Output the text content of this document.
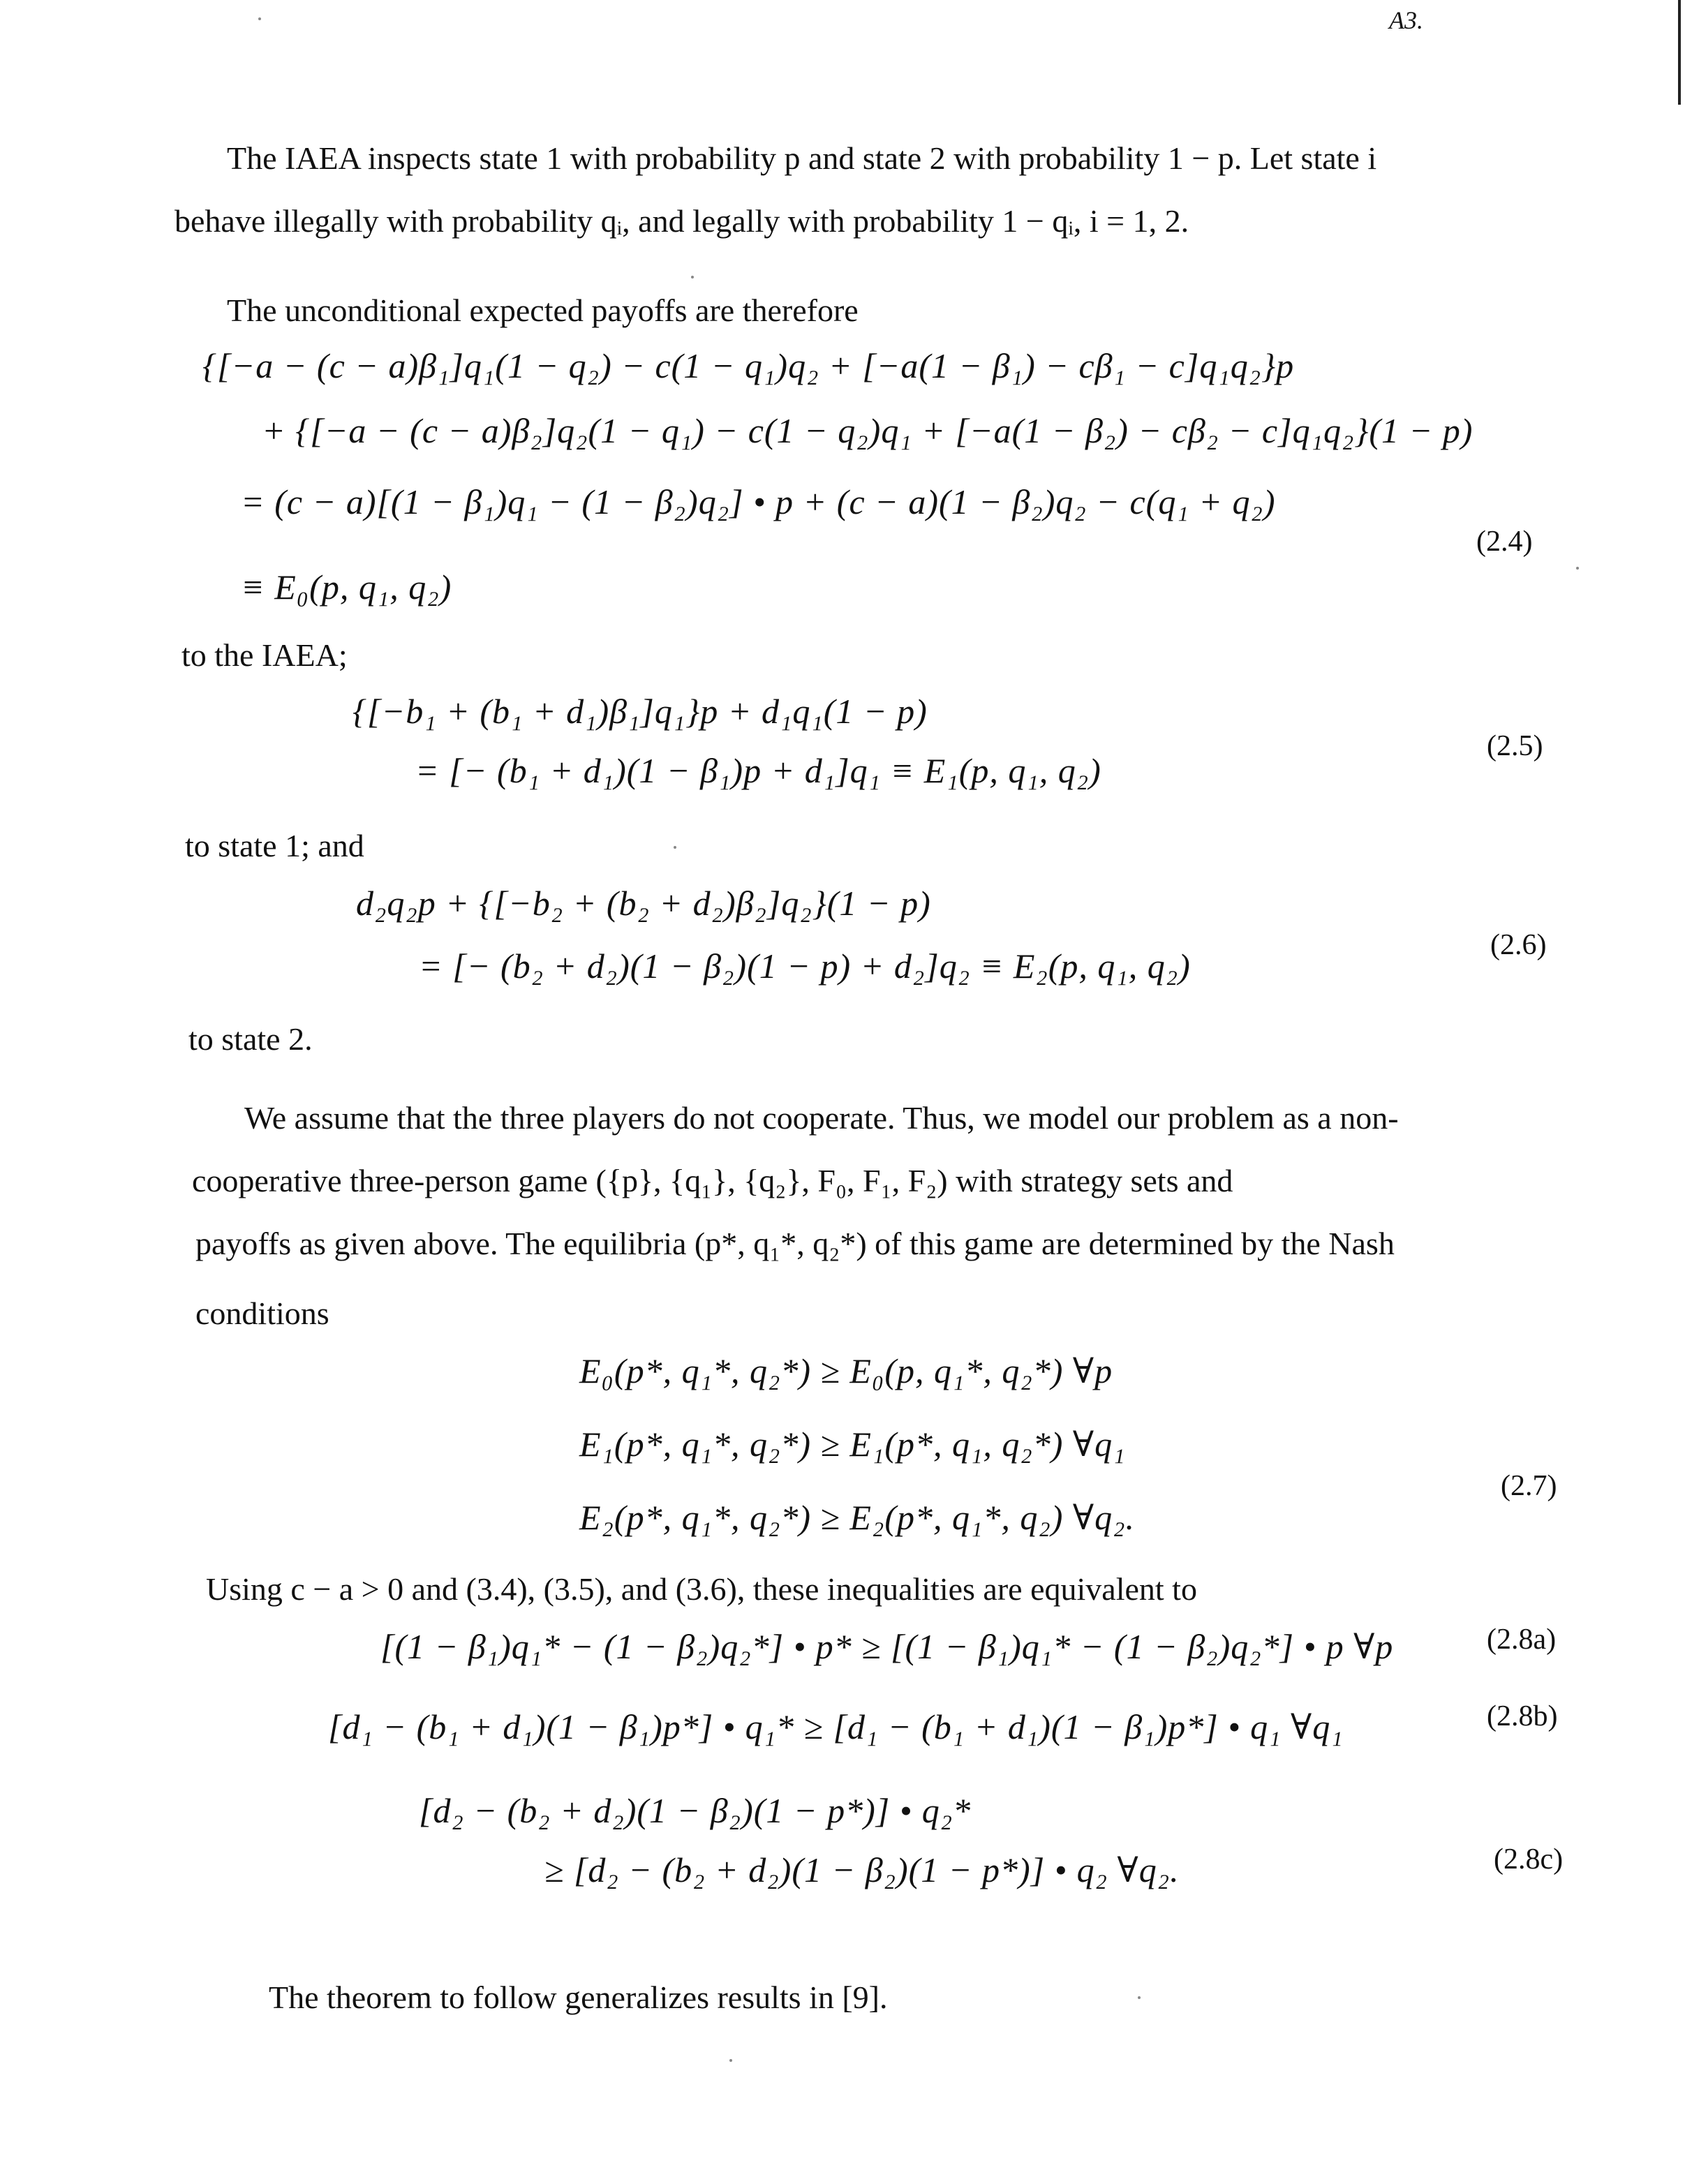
A3.
The IAEA inspects state 1 with probability p and state 2 with probability 1 − p. Let state i
behave illegally with probability qᵢ, and legally with probability 1 − qᵢ, i = 1, 2.
The unconditional expected payoffs are therefore
{[−a − (c − a)β₁]q₁(1 − q₂) − c(1 − q₁)q₂ + [−a(1 − β₁) − cβ₁ − c]q₁q₂}p
+ {[−a − (c − a)β₂]q₂(1 − q₁) − c(1 − q₂)q₁ + [−a(1 − β₂) − cβ₂ − c]q₁q₂}(1 − p)
= (c − a)[(1 − β₁)q₁ − (1 − β₂)q₂] • p + (c − a)(1 − β₂)q₂ − c(q₁ + q₂)
(2.4)
≡ E₀(p, q₁, q₂)
to the IAEA;
{[−b₁ + (b₁ + d₁)β₁]q₁}p + d₁q₁(1 − p)
(2.5)
= [− (b₁ + d₁)(1 − β₁)p + d₁]q₁ ≡ E₁(p, q₁, q₂)
to state 1; and
d₂q₂p + {[−b₂ + (b₂ + d₂)β₂]q₂}(1 − p)
(2.6)
= [− (b₂ + d₂)(1 − β₂)(1 − p) + d₂]q₂ ≡ E₂(p, q₁, q₂)
to state 2.
We assume that the three players do not cooperate. Thus, we model our problem as a non-
cooperative three-person game ({p}, {q₁}, {q₂}, F₀, F₁, F₂) with strategy sets and
payoffs as given above. The equilibria (p*, q₁*, q₂*) of this game are determined by the Nash
conditions
E₀(p*, q₁*, q₂*) ≥ E₀(p, q₁*, q₂*) ∀p
E₁(p*, q₁*, q₂*) ≥ E₁(p*, q₁, q₂*) ∀q₁
(2.7)
E₂(p*, q₁*, q₂*) ≥ E₂(p*, q₁*, q₂) ∀q₂.
Using c − a > 0 and (3.4), (3.5), and (3.6), these inequalities are equivalent to
[(1 − β₁)q₁* − (1 − β₂)q₂*] • p* ≥ [(1 − β₁)q₁* − (1 − β₂)q₂*] • p ∀p	(2.8a)
[d₁ − (b₁ + d₁)(1 − β₁)p*] • q₁* ≥ [d₁ − (b₁ + d₁)(1 − β₁)p*] • q₁ ∀q₁	(2.8b)
[d₂ − (b₂ + d₂)(1 − β₂)(1 − p*)] • q₂*
≥ [d₂ − (b₂ + d₂)(1 − β₂)(1 − p*)] • q₂ ∀q₂.	(2.8c)
The theorem to follow generalizes results in [9].
